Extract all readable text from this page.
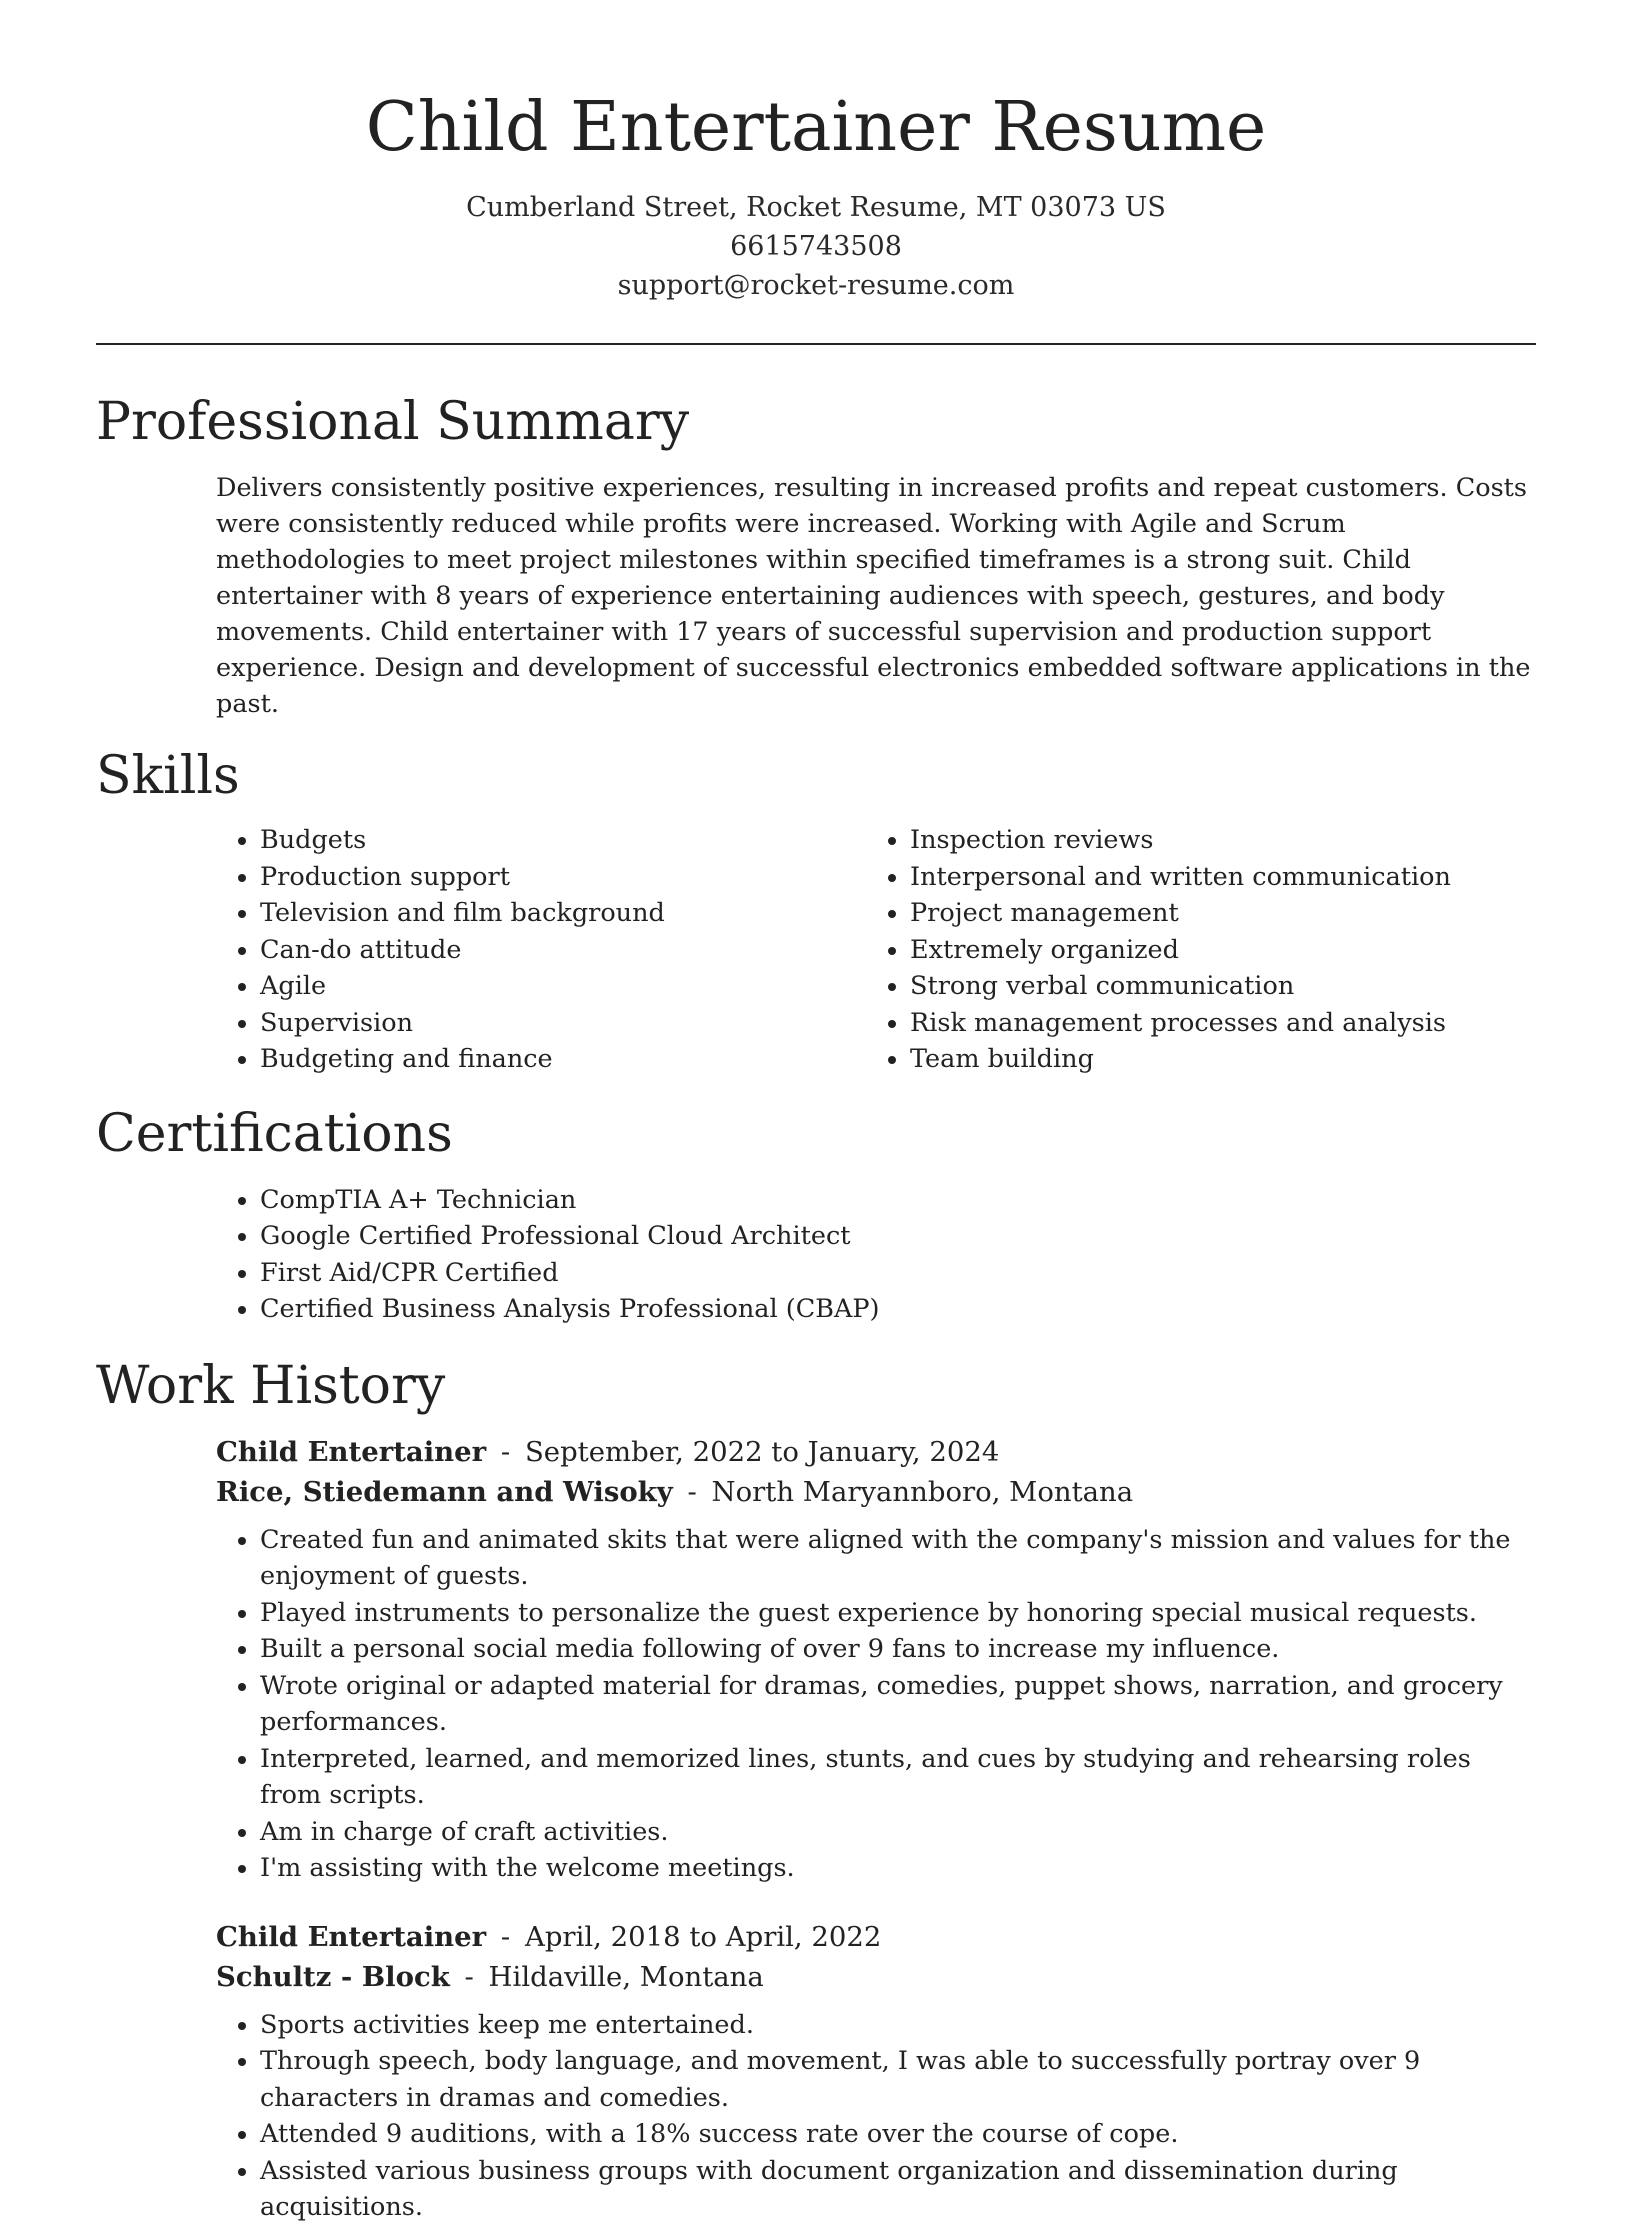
Child Entertainer Resume
Cumberland Street, Rocket Resume, MT 03073 US
6615743508
support@rocket-resume.com
Professional Summary

Delivers consistently positive experiences, resulting in increased profits and repeat customers. Costs were consistently reduced while profits were increased. Working with Agile and Scrum methodologies to meet project milestones within specified timeframes is a strong suit. Child entertainer with 8 years of experience entertaining audiences with speech, gestures, and body movements. Child entertainer with 17 years of successful supervision and production support experience. Design and development of successful electronics embedded software applications in the past.

Skills
• Budgets
• Production support
• Television and film background
• Can-do attitude
• Agile
• Supervision
• Budgeting and finance
• Inspection reviews
• Interpersonal and written communication
• Project management
• Extremely organized
• Strong verbal communication
• Risk management processes and analysis
• Team building
Certifications
• CompTIA A+ Technician
• Google Certified Professional Cloud Architect
• First Aid/CPR Certified
• Certified Business Analysis Professional (CBAP)
Work History
Child Entertainer - September, 2022 to January, 2024
Rice, Stiedemann and Wisoky - North Maryannboro, Montana
• Created fun and animated skits that were aligned with the company's mission and values for the enjoyment of guests.
• Played instruments to personalize the guest experience by honoring special musical requests.
• Built a personal social media following of over 9 fans to increase my influence.
• Wrote original or adapted material for dramas, comedies, puppet shows, narration, and grocery performances.
• Interpreted, learned, and memorized lines, stunts, and cues by studying and rehearsing roles from scripts.
• Am in charge of craft activities.
• I'm assisting with the welcome meetings.
Child Entertainer - April, 2018 to April, 2022
Schultz - Block - Hildaville, Montana
• Sports activities keep me entertained.
• Through speech, body language, and movement, I was able to successfully portray over 9 characters in dramas and comedies.
• Attended 9 auditions, with a 18% success rate over the course of cope.
• Assisted various business groups with document organization and dissemination during acquisitions.
